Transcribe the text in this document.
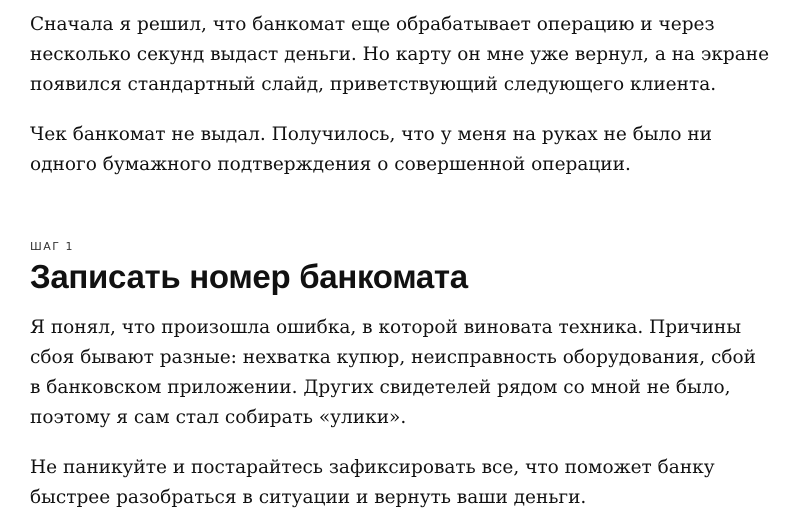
Сначала я решил, что банкомат еще обрабатывает операцию и через несколько секунд выдаст деньги. Но карту он мне уже вернул, а на экране появился стандартный слайд, приветствующий следующего клиента.

Чек банкомат не выдал. Получилось, что у меня на руках не было ни одного бумажного подтверждения о совершенной операции.

ШАГ 1

Записать номер банкомата

Я понял, что произошла ошибка, в которой виновата техника. Причины сбоя бывают разные: нехватка купюр, неисправность оборудования, сбой в банковском приложении. Других свидетелей рядом со мной не было, поэтому я сам стал собирать «улики».

Не паникуйте и постарайтесь зафиксировать все, что поможет банку быстрее разобраться в ситуации и вернуть ваши деньги.
